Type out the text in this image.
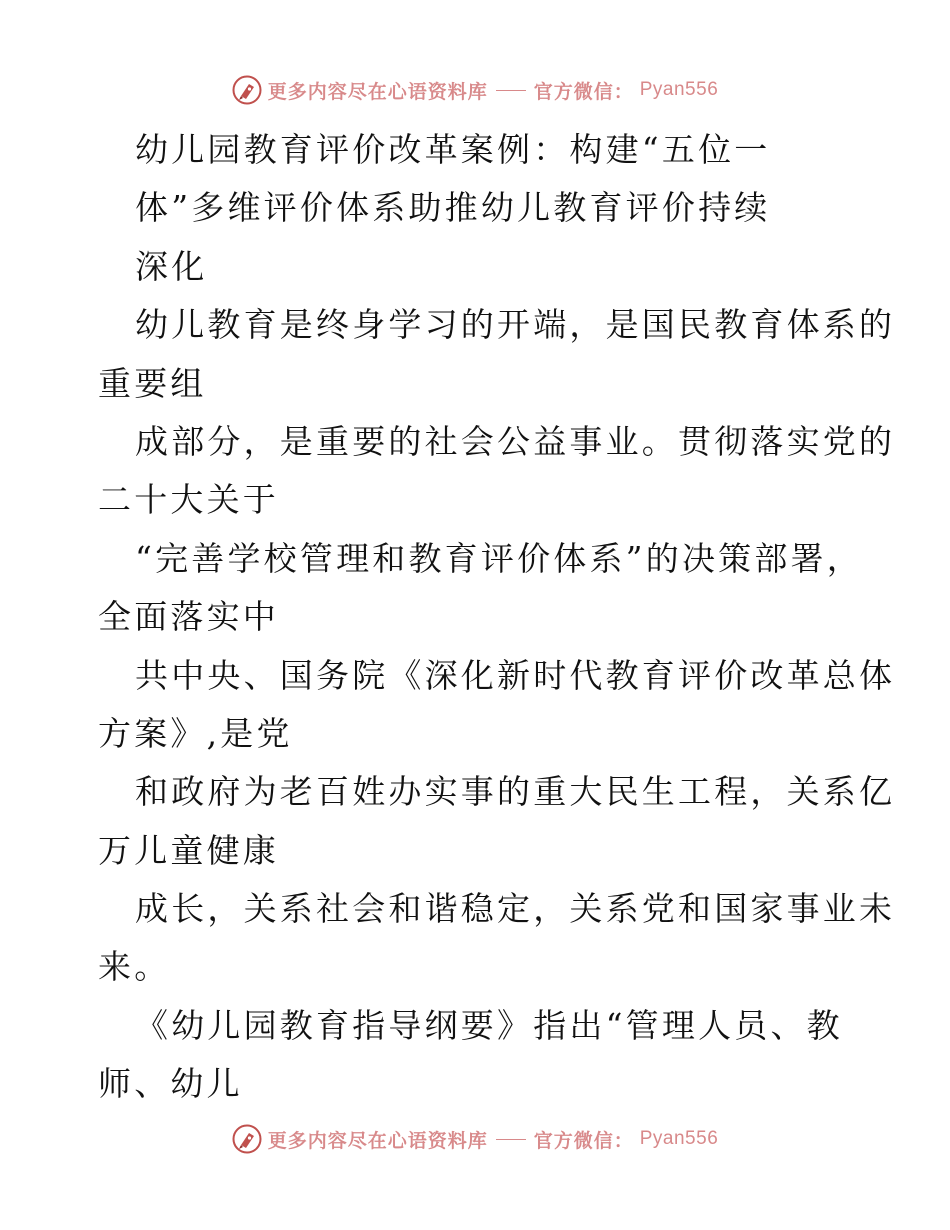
更多内容尽在心语资料库 官方微信： Pyan556
幼儿园教育评价改革案例：构建“五位一
体”多维评价体系助推幼儿教育评价持续
深化
幼儿教育是终身学习的开端，是国民教育体系的
重要组
成部分，是重要的社会公益事业。贯彻落实党的
二十大关于
“完善学校管理和教育评价体系”的决策部署，
全面落实中
共中央、国务院《深化新时代教育评价改革总体
方案》,是党
和政府为老百姓办实事的重大民生工程，关系亿
万儿童健康
成长，关系社会和谐稳定，关系党和国家事业未
来。
《幼儿园教育指导纲要》指出“管理人员、教
师、幼儿
更多内容尽在心语资料库 官方微信： Pyan556
